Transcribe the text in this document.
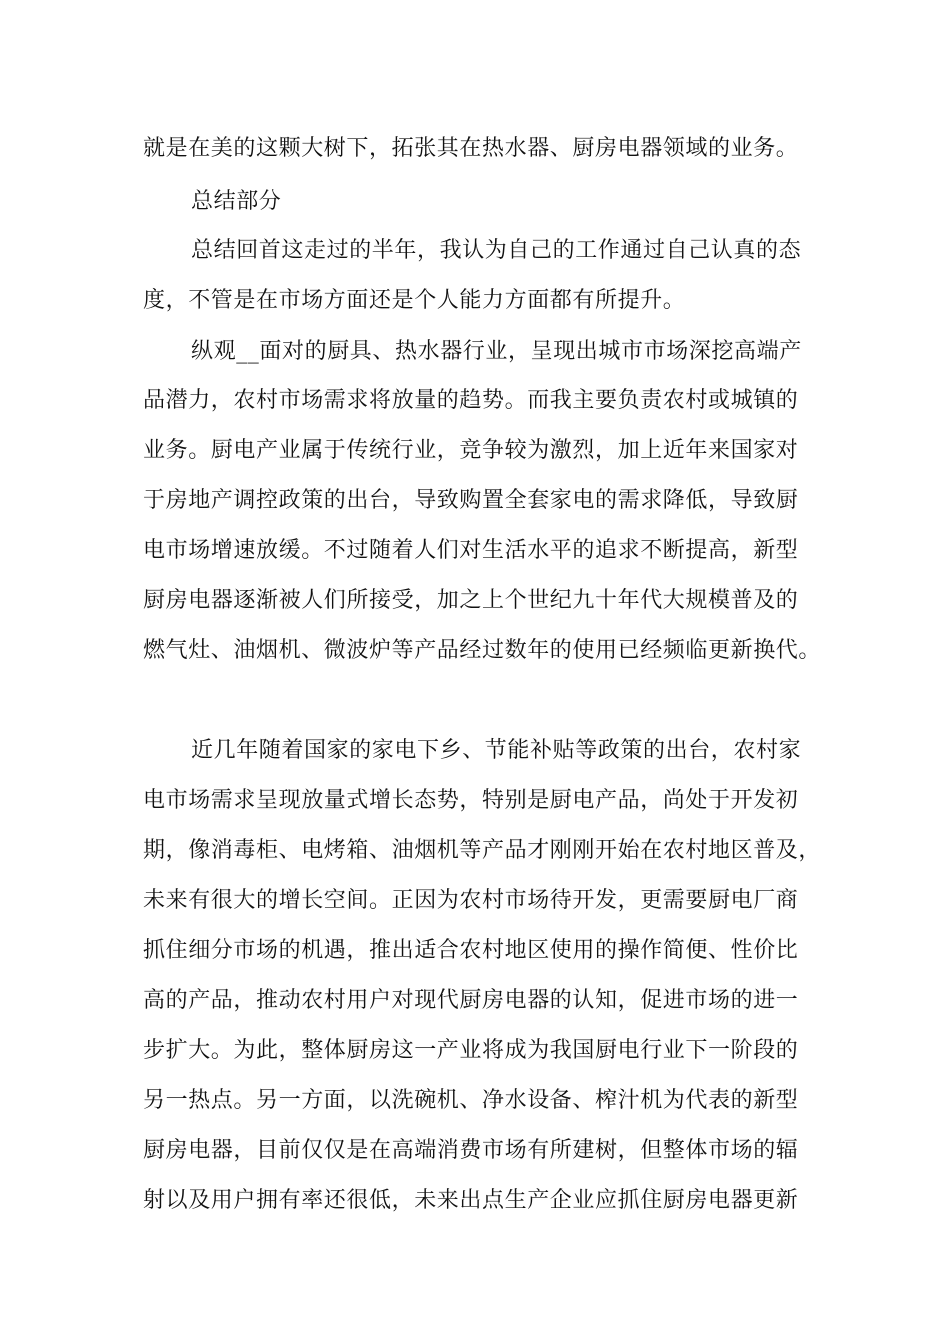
就是在美的这颗大树下，拓张其在热水器、厨房电器领域的业务。
总结部分
总结回首这走过的半年，我认为自己的工作通过自己认真的态
度，不管是在市场方面还是个人能力方面都有所提升。
纵观__面对的厨具、热水器行业，呈现出城市市场深挖高端产
品潜力，农村市场需求将放量的趋势。而我主要负责农村或城镇的
业务。厨电产业属于传统行业，竞争较为激烈，加上近年来国家对
于房地产调控政策的出台，导致购置全套家电的需求降低，导致厨
电市场增速放缓。不过随着人们对生活水平的追求不断提高，新型
厨房电器逐渐被人们所接受，加之上个世纪九十年代大规模普及的
燃气灶、油烟机、微波炉等产品经过数年的使用已经频临更新换代。
近几年随着国家的家电下乡、节能补贴等政策的出台，农村家
电市场需求呈现放量式增长态势，特别是厨电产品，尚处于开发初
期，像消毒柜、电烤箱、油烟机等产品才刚刚开始在农村地区普及，
未来有很大的增长空间。正因为农村市场待开发，更需要厨电厂商
抓住细分市场的机遇，推出适合农村地区使用的操作简便、性价比
高的产品，推动农村用户对现代厨房电器的认知，促进市场的进一
步扩大。为此，整体厨房这一产业将成为我国厨电行业下一阶段的
另一热点。另一方面，以洗碗机、净水设备、榨汁机为代表的新型
厨房电器，目前仅仅是在高端消费市场有所建树，但整体市场的辐
射以及用户拥有率还很低，未来出点生产企业应抓住厨房电器更新
